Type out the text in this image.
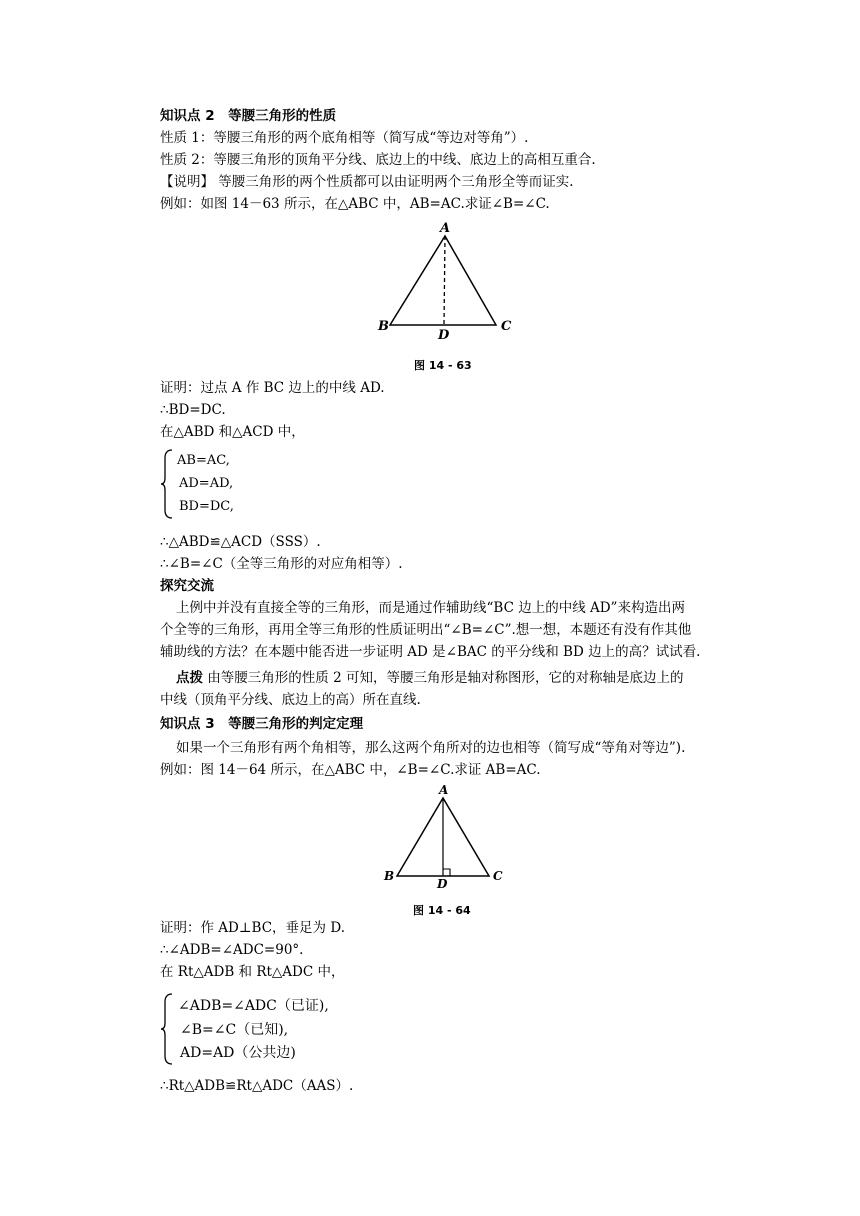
知识点 2　等腰三角形的性质
性质 1：等腰三角形的两个底角相等（简写成“等边对等角”）.
性质 2：等腰三角形的顶角平分线、底边上的中线、底边上的高相互重合.
【说明】 等腰三角形的两个性质都可以由证明两个三角形全等而证实.
例如：如图 14－63 所示，在△ABC 中，AB=AC.求证∠B=∠C.
A
B	C
D
图 14 - 63
证明：过点 A 作 BC 边上的中线 AD.
∴BD=DC.
在△ABD 和△ACD 中，
AB=AC,
AD=AD,
BD=DC,
∴△ABD≌△ACD（SSS）.
∴∠B=∠C（全等三角形的对应角相等）.
探究交流
上例中并没有直接全等的三角形，而是通过作辅助线“BC 边上的中线 AD”来构造出两
个全等的三角形，再用全等三角形的性质证明出“∠B=∠C”.想一想，本题还有没有作其他
辅助线的方法？在本题中能否进一步证明 AD 是∠BAC 的平分线和 BD 边上的高？试试看.
点拨 由等腰三角形的性质 2 可知，等腰三角形是轴对称图形，它的对称轴是底边上的
中线（顶角平分线、底边上的高）所在直线.
知识点 3　等腰三角形的判定定理
如果一个三角形有两个角相等，那么这两个角所对的边也相等（简写成“等角对等边”).
例如：图 14－64 所示，在△ABC 中，∠B=∠C.求证 AB=AC.
A
B	C
D
图 14 - 64
证明：作 AD⊥BC，垂足为 D.
∴∠ADB=∠ADC=90°.
在 Rt△ADB 和 Rt△ADC 中，
∠ADB=∠ADC（已证),
∠B=∠C（已知),
AD=AD（公共边)
∴Rt△ADB≌Rt△ADC（AAS）.
